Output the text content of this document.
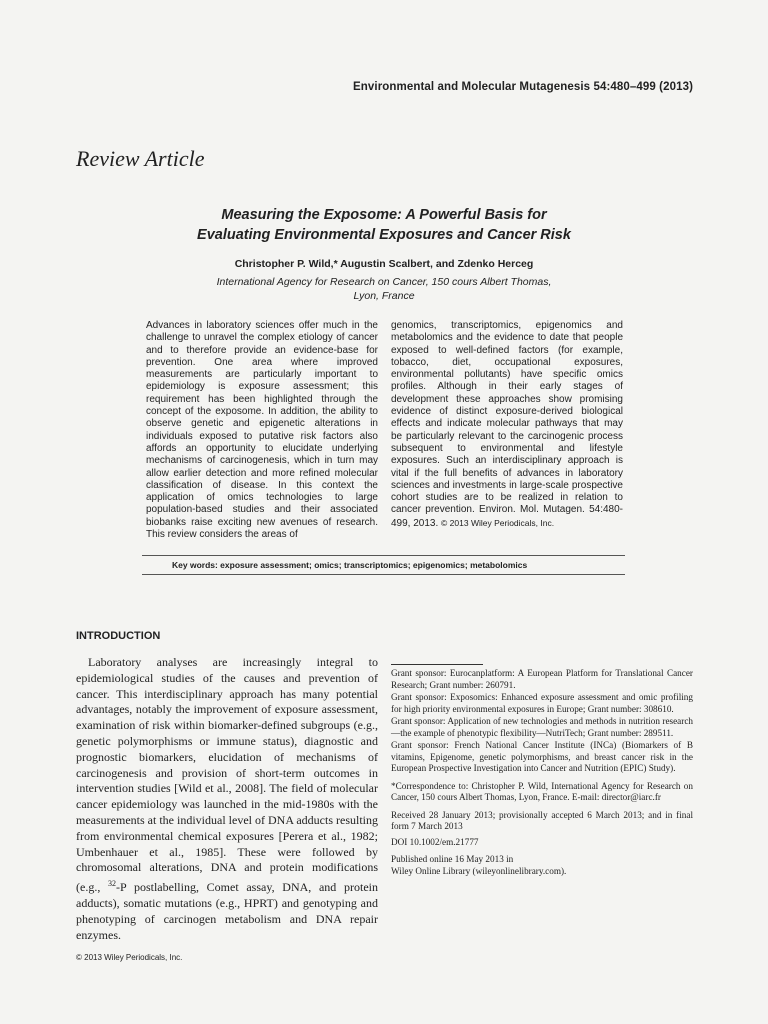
Environmental and Molecular Mutagenesis 54:480–499 (2013)
Review Article
Measuring the Exposome: A Powerful Basis for
Evaluating Environmental Exposures and Cancer Risk
Christopher P. Wild,* Augustin Scalbert, and Zdenko Herceg
International Agency for Research on Cancer, 150 cours Albert Thomas,
Lyon, France
Advances in laboratory sciences offer much in the challenge to unravel the complex etiology of cancer and to therefore provide an evidence-base for prevention. One area where improved measurements are particularly important to epidemiology is exposure assessment; this requirement has been highlighted through the concept of the exposome. In addition, the ability to observe genetic and epigenetic alterations in individuals exposed to putative risk factors also affords an opportunity to elucidate underlying mechanisms of carcinogenesis, which in turn may allow earlier detection and more refined molecular classification of disease. In this context the application of omics technologies to large population-based studies and their associated biobanks raise exciting new avenues of research. This review considers the areas of
genomics, transcriptomics, epigenomics and metabolomics and the evidence to date that people exposed to well-defined factors (for example, tobacco, diet, occupational exposures, environmental pollutants) have specific omics profiles. Although in their early stages of development these approaches show promising evidence of distinct exposure-derived biological effects and indicate molecular pathways that may be particularly relevant to the carcinogenic process subsequent to environmental and lifestyle exposures. Such an interdisciplinary approach is vital if the full benefits of advances in laboratory sciences and investments in large-scale prospective cohort studies are to be realized in relation to cancer prevention. Environ. Mol. Mutagen. 54:480-499, 2013. © 2013 Wiley Periodicals, Inc.
Key words: exposure assessment; omics; transcriptomics; epigenomics; metabolomics
INTRODUCTION
Laboratory analyses are increasingly integral to epidemiological studies of the causes and prevention of cancer. This interdisciplinary approach has many potential advantages, notably the improvement of exposure assessment, examination of risk within biomarker-defined subgroups (e.g., genetic polymorphisms or immune status), diagnostic and prognostic biomarkers, elucidation of mechanisms of carcinogenesis and provision of short-term outcomes in intervention studies [Wild et al., 2008]. The field of molecular cancer epidemiology was launched in the mid-1980s with the measurements at the individual level of DNA adducts resulting from environmental chemical exposures [Perera et al., 1982; Umbenhauer et al., 1985]. These were followed by chromosomal alterations, DNA and protein modifications (e.g., $^{32}$-P postlabelling, Comet assay, DNA, and protein adducts), somatic mutations (e.g., HPRT) and genotyping and phenotyping of carcinogen metabolism and DNA repair enzymes.

Grant sponsor: Eurocanplatform: A European Platform for Translational Cancer Research; Grant number: 260791.

Grant sponsor: Exposomics: Enhanced exposure assessment and omic profiling for high priority environmental exposures in Europe; Grant number: 308610.

Grant sponsor: Application of new technologies and methods in nutrition research—the example of phenotypic flexibility—NutriTech; Grant number: 289511.

Grant sponsor: French National Cancer Institute (INCa) (Biomarkers of B vitamins, Epigenome, genetic polymorphisms, and breast cancer risk in the European Prospective Investigation into Cancer and Nutrition (EPIC) Study).

*Correspondence to: Christopher P. Wild, International Agency for Research on Cancer, 150 cours Albert Thomas, Lyon, France. E-mail: director@iarc.fr

Received 28 January 2013; provisionally accepted 6 March 2013; and in final form 7 March 2013

DOI 10.1002/em.21777

Published online 16 May 2013 in

Wiley Online Library (wileyonlinelibrary.com).

© 2013 Wiley Periodicals, Inc.
